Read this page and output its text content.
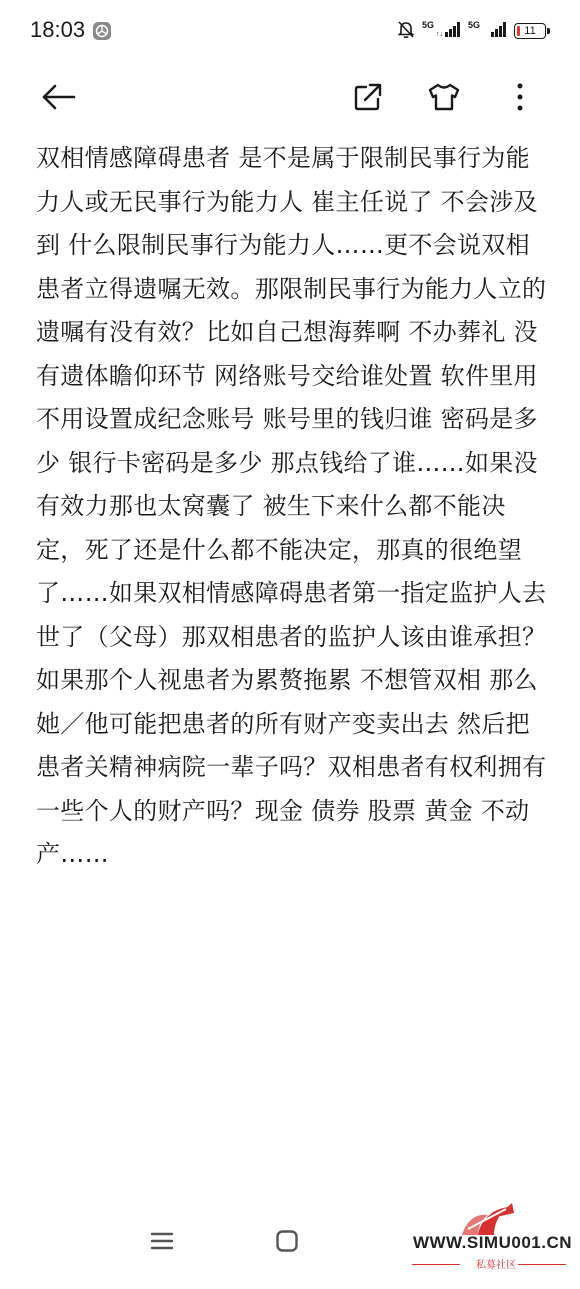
18:03	5G
↑↓
5G
11
双相情感障碍患者 是不是属于限制民事行为能力人或无民事行为能力人 崔主任说了 不会涉及到 什么限制民事行为能力人……更不会说双相患者立得遗嘱无效。那限制民事行为能力人立的遗嘱有没有效？比如自己想海葬啊 不办葬礼 没有遗体瞻仰环节 网络账号交给谁处置 软件里用不用设置成纪念账号 账号里的钱归谁 密码是多少 银行卡密码是多少 那点钱给了谁……如果没有效力那也太窝囊了 被生下来什么都不能决定，死了还是什么都不能决定，那真的很绝望了……如果双相情感障碍患者第一指定监护人去世了（父母）那双相患者的监护人该由谁承担？如果那个人视患者为累赘拖累 不想管双相 那么她／他可能把患者的所有财产变卖出去 然后把患者关精神病院一辈子吗？双相患者有权利拥有一些个人的财产吗？现金 债券 股票 黄金 不动产……
WWW.SIMU001.CN
私募社区
